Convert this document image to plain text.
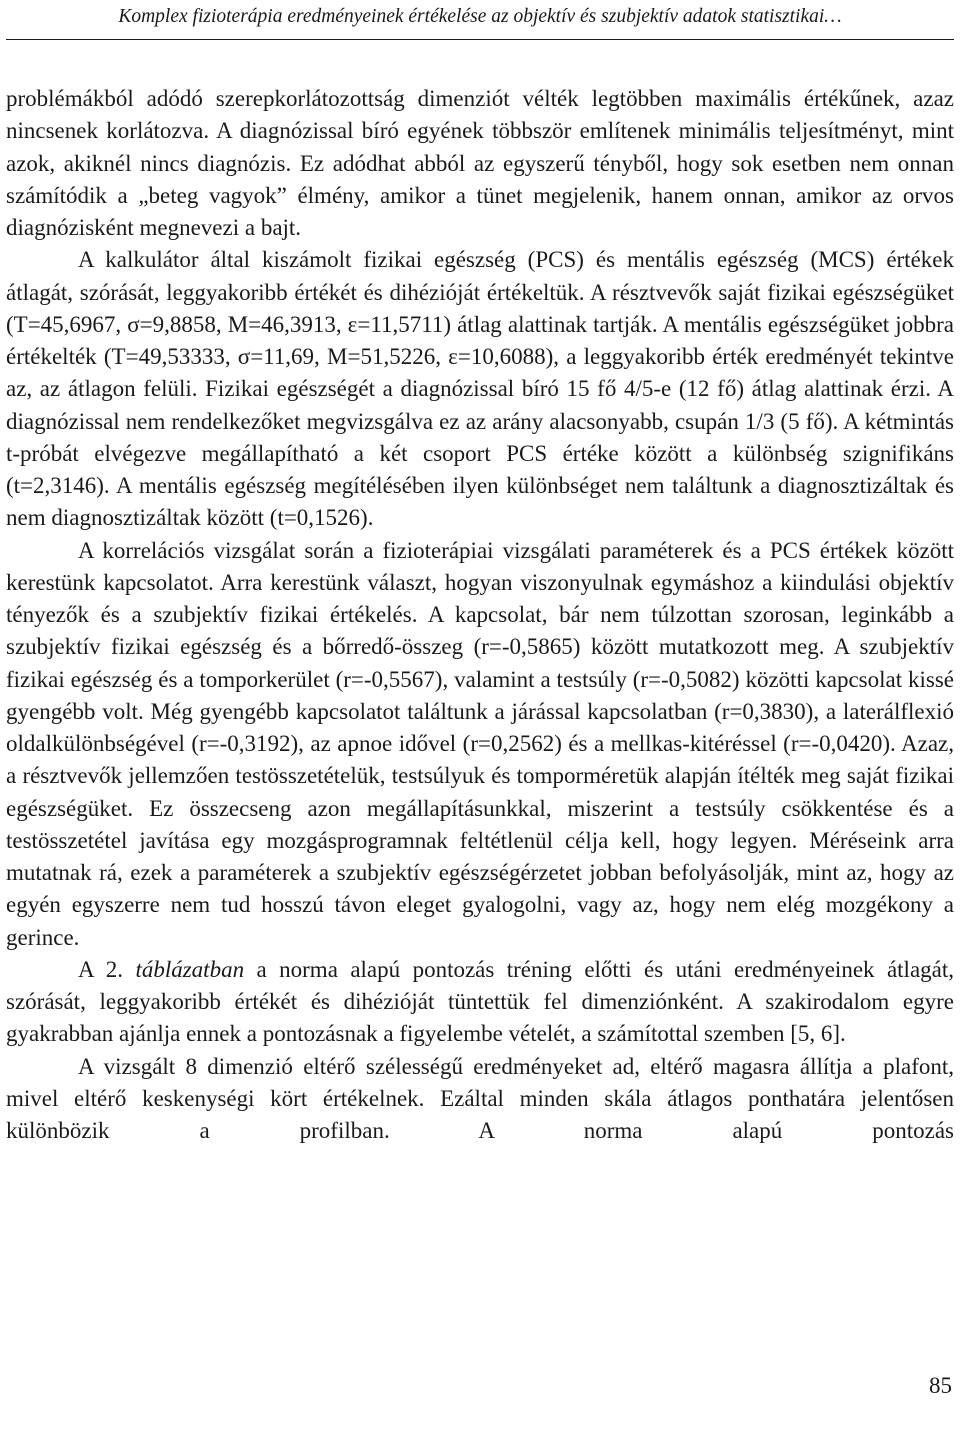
Komplex fizioterápia eredményeinek értékelése az objektív és szubjektív adatok statisztikai…

problémákból adódó szerepkorlátozottság dimenziót vélték legtöbben maximális értékűnek, azaz nincsenek korlátozva. A diagnózissal bíró egyének többször említenek minimális teljesítményt, mint azok, akiknél nincs diagnózis. Ez adódhat abból az egyszerű tényből, hogy sok esetben nem onnan számítódik a „beteg vagyok” élmény, amikor a tünet megjelenik, hanem onnan, amikor az orvos diagnózisként megnevezi a bajt.

A kalkulátor által kiszámolt fizikai egészség (PCS) és mentális egészség (MCS) értékek átlagát, szórását, leggyakoribb értékét és dihézióját értékeltük. A résztvevők saját fizikai egészségüket (T=45,6967, σ=9,8858, M=46,3913, ε=11,5711) átlag alattinak tartják. A mentális egészségüket jobbra értékelték (T=49,53333, σ=11,69, M=51,5226, ε=10,6088), a leggyakoribb érték eredményét tekintve az, az átlagon felüli. Fizikai egészségét a diagnózissal bíró 15 fő 4/5-e (12 fő) átlag alattinak érzi. A diagnózissal nem rendelkezőket megvizsgálva ez az arány alacsonyabb, csupán 1/3 (5 fő). A kétmintás t-próbát elvégezve megállapítható a két csoport PCS értéke között a különbség szignifikáns (t=2,3146). A mentális egészség megítélésében ilyen különbséget nem találtunk a diagnosztizáltak és nem diagnosztizáltak között (t=0,1526).

A korrelációs vizsgálat során a fizioterápiai vizsgálati paraméterek és a PCS értékek között kerestünk kapcsolatot. Arra kerestünk választ, hogyan viszonyulnak egymáshoz a kiindulási objektív tényezők és a szubjektív fizikai értékelés. A kapcsolat, bár nem túlzottan szorosan, leginkább a szubjektív fizikai egészség és a bőrredő-összeg (r=-0,5865) között mutatkozott meg. A szubjektív fizikai egészség és a tomporkerület (r=-0,5567), valamint a testsúly (r=-0,5082) közötti kapcsolat kissé gyengébb volt. Még gyengébb kapcsolatot találtunk a járással kapcsolatban (r=0,3830), a laterálflexió oldalkülönbségével (r=-0,3192), az apnoe idővel (r=0,2562) és a mellkas-kitéréssel (r=-0,0420). Azaz, a résztvevők jellemzően testösszetételük, testsúlyuk és tomporméretük alapján ítélték meg saját fizikai egészségüket. Ez összecseng azon megállapításunkkal, miszerint a testsúly csökkentése és a testösszetétel javítása egy mozgásprogramnak feltétlenül célja kell, hogy legyen. Méréseink arra mutatnak rá, ezek a paraméterek a szubjektív egészségérzetet jobban befolyásolják, mint az, hogy az egyén egyszerre nem tud hosszú távon eleget gyalogolni, vagy az, hogy nem elég mozgékony a gerince.

A 2. táblázatban a norma alapú pontozás tréning előtti és utáni eredményeinek átlagát, szórását, leggyakoribb értékét és dihézióját tüntettük fel dimenziónként. A szakirodalom egyre gyakrabban ajánlja ennek a pontozásnak a figyelembe vételét, a számítottal szemben [5, 6].

A vizsgált 8 dimenzió eltérő szélességű eredményeket ad, eltérő magasra állítja a plafont, mivel eltérő keskenységi kört értékelnek. Ezáltal minden skála átlagos ponthatára jelentősen különbözik a profilban. A norma alapú pontozás

85
